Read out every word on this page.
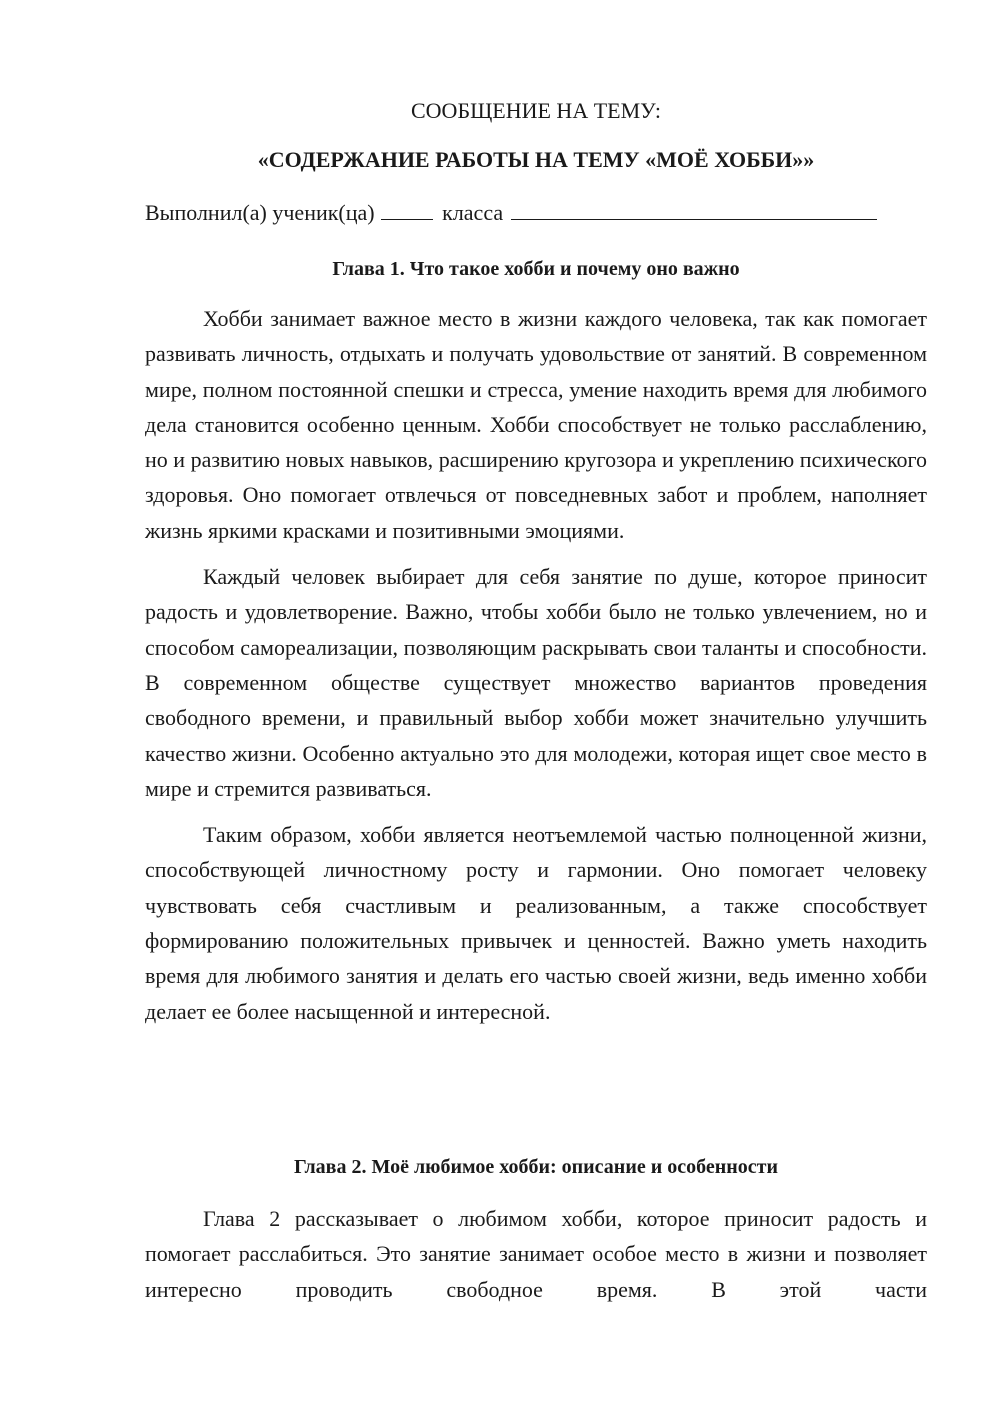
СООБЩЕНИЕ НА ТЕМУ:

«СОДЕРЖАНИЕ РАБОТЫ НА ТЕМУ «МОЁ ХОББИ»»

Выполнил(а) ученик(ца)	класса
Глава 1. Что такое хобби и почему оно важно

Хобби занимает важное место в жизни каждого человека, так как помогает развивать личность, отдыхать и получать удовольствие от занятий. В современном мире, полном постоянной спешки и стресса, умение находить время для любимого дела становится особенно ценным. Хобби способствует не только расслаблению, но и развитию новых навыков, расширению кругозора и укреплению психического здоровья. Оно помогает отвлечься от повседневных забот и проблем, наполняет жизнь яркими красками и позитивными эмоциями.

Каждый человек выбирает для себя занятие по душе, которое приносит радость и удовлетворение. Важно, чтобы хобби было не только увлечением, но и способом самореализации, позволяющим раскрывать свои таланты и способности. В современном обществе существует множество вариантов проведения свободного времени, и правильный выбор хобби может значительно улучшить качество жизни. Особенно актуально это для молодежи, которая ищет свое место в мире и стремится развиваться.

Таким образом, хобби является неотъемлемой частью полноценной жизни, способствующей личностному росту и гармонии. Оно помогает человеку чувствовать себя счастливым и реализованным, а также способствует формированию положительных привычек и ценностей. Важно уметь находить время для любимого занятия и делать его частью своей жизни, ведь именно хобби делает ее более насыщенной и интересной.

Глава 2. Моё любимое хобби: описание и особенности

Глава 2 рассказывает о любимом хобби, которое приносит радость и помогает расслабиться. Это занятие занимает особое место в жизни и позволяет интересно проводить свободное время. В этой части
